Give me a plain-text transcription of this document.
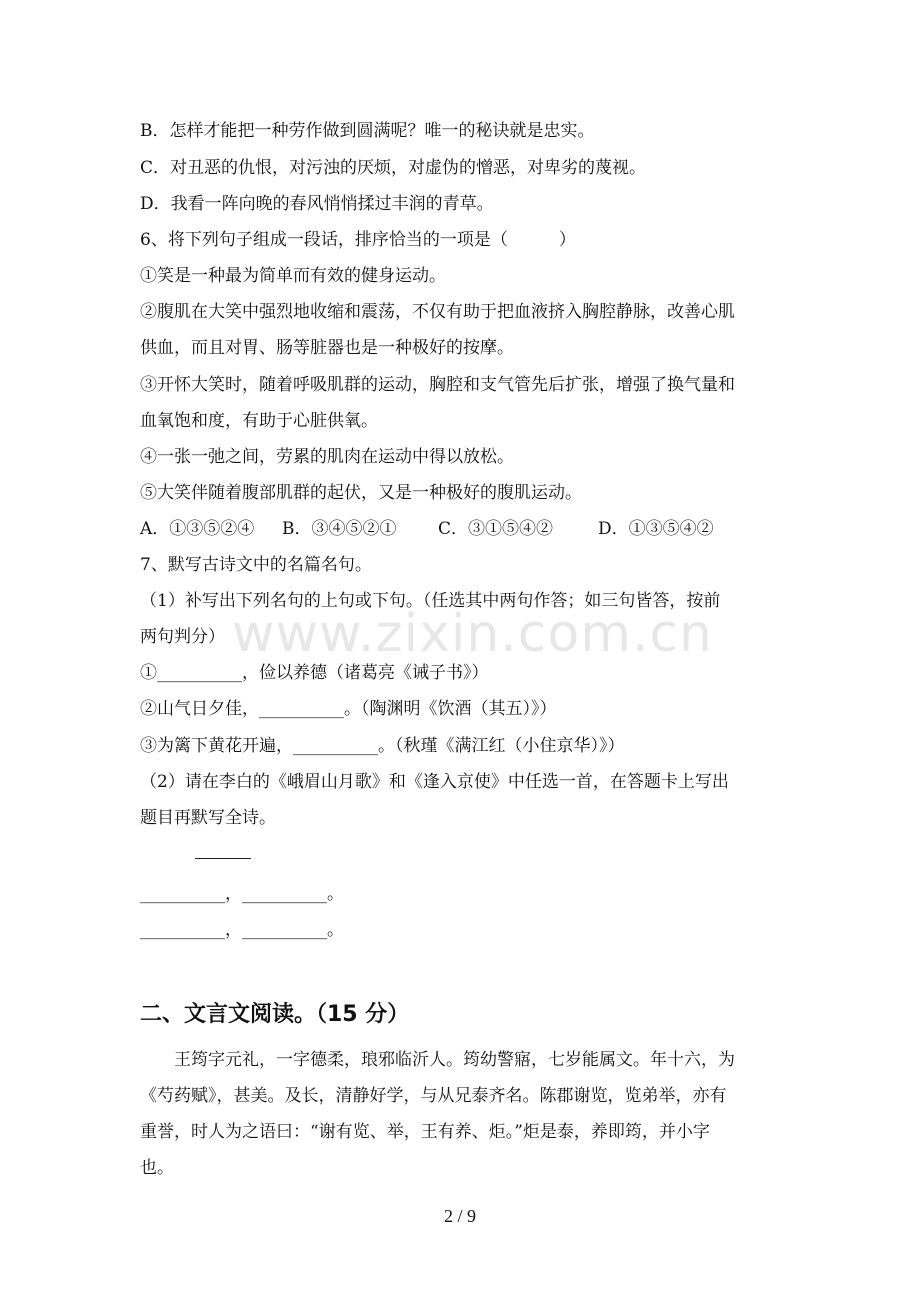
B．怎样才能把一种劳作做到圆满呢？唯一的秘诀就是忠实。
C．对丑恶的仇恨，对污浊的厌烦，对虚伪的憎恶，对卑劣的蔑视。
D．我看一阵向晚的春风悄悄揉过丰润的青草。
6、将下列句子组成一段话，排序恰当的一项是（　　　）
①笑是一种最为简单而有效的健身运动。
②腹肌在大笑中强烈地收缩和震荡，不仅有助于把血液挤入胸腔静脉，改善心肌
供血，而且对胃、肠等脏器也是一种极好的按摩。
③开怀大笑时，随着呼吸肌群的运动，胸腔和支气管先后扩张，增强了换气量和
血氧饱和度，有助于心脏供氧。
④一张一弛之间，劳累的肌肉在运动中得以放松。
⑤大笑伴随着腹部肌群的起伏，又是一种极好的腹肌运动。
A．①③⑤②④ B．③④⑤②① C．③①⑤④②	D．①③⑤④②
7、默写古诗文中的名篇名句。
（1）补写出下列名句的上句或下句。（任选其中两句作答；如三句皆答，按前
两句判分）
①__________，俭以养德（诸葛亮《诫子书》）
②山气日夕佳，__________。（陶渊明《饮酒（其五）》）
③为篱下黄花开遍，__________。（秋瑾《满江红（小住京华）》）
（2）请在李白的《峨眉山月歌》和《逢入京使》中任选一首，在答题卡上写出
题目再默写全诗。
__________，__________。
__________，__________。
二、文言文阅读。（15 分）
王筠字元礼，一字德柔，琅邪临沂人。筠幼警寤，七岁能属文。年十六，为
《芍药赋》，甚美。及长，清静好学，与从兄泰齐名。陈郡谢览，览弟举，亦有
重誉，时人为之语曰：“谢有览、举，王有养、炬。”炬是泰，养即筠，并小字
也。
www.zixin.com.cn
2 / 9
